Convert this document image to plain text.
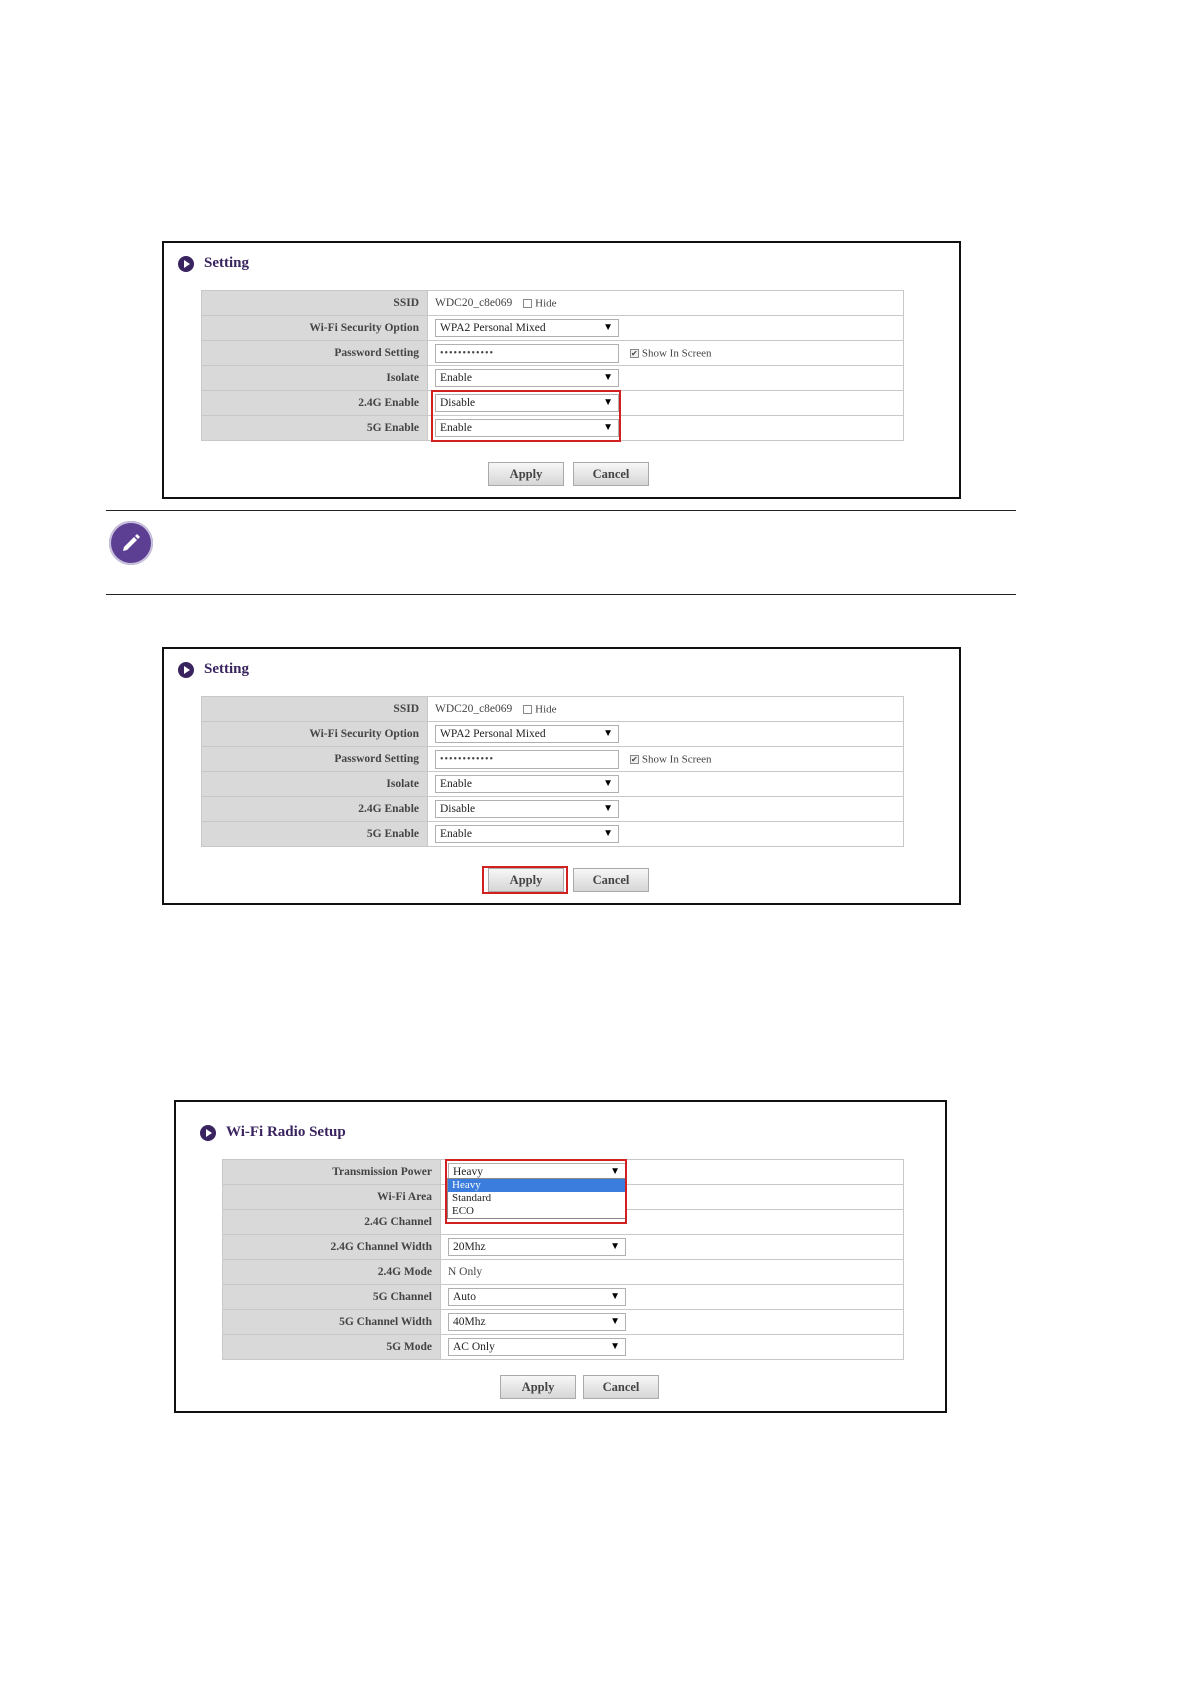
Setting
SSID	WDC20_c8e069 Hide
Wi-Fi Security Option	WPA2 Personal Mixed ▼

Password Setting	•••••••••••• ✔ Show In Screen
Isolate	Enable ▼

2.4G Enable	Disable ▼

5G Enable	Enable ▼
Apply	Cancel
Setting
SSID	WDC20_c8e069 Hide
Wi-Fi Security Option	WPA2 Personal Mixed ▼

Password Setting	•••••••••••• ✔ Show In Screen
Isolate	Enable ▼

2.4G Enable	Disable ▼

5G Enable	Enable ▼
Apply	Cancel
Wi-Fi Radio Setup
Transmission Power	Heavy ▼

Wi-Fi Area	
2.4G Channel	
2.4G Channel Width	20Mhz ▼

2.4G Mode	N Only
5G Channel	Auto ▼

5G Channel Width	40Mhz ▼

5G Mode	AC Only ▼
Apply	Cancel
Heavy
Standard
ECO
